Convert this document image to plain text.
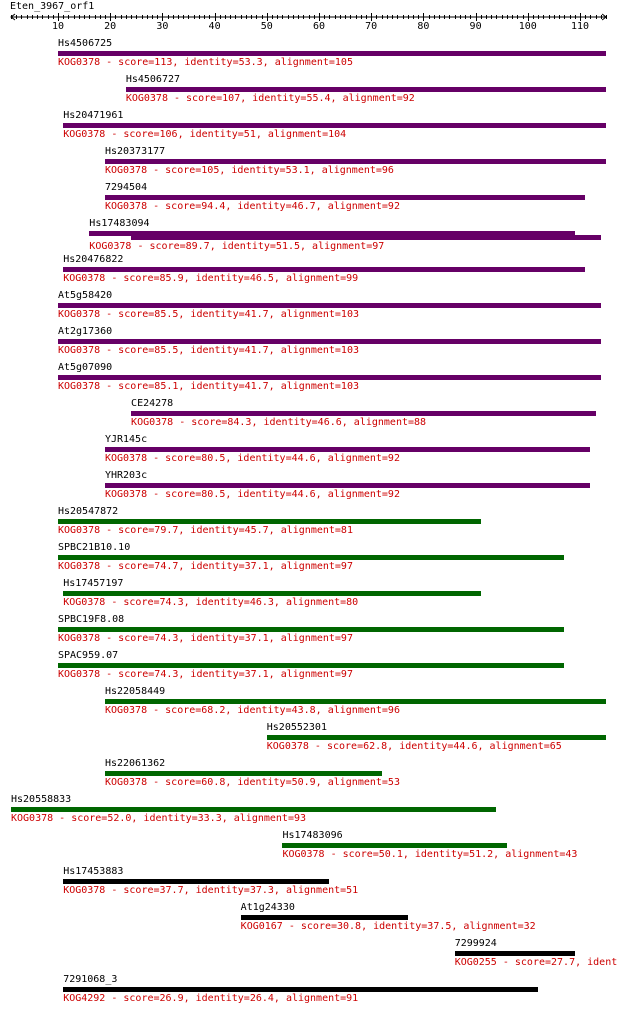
Eten_3967_orf1
10	20	30	40	50	60	70	80	90	100	110
Hs4506725
KOG0378 - score=113, identity=53.3, alignment=105
Hs4506727
KOG0378 - score=107, identity=55.4, alignment=92
Hs20471961
KOG0378 - score=106, identity=51, alignment=104
Hs20373177
KOG0378 - score=105, identity=53.1, alignment=96
7294504
KOG0378 - score=94.4, identity=46.7, alignment=92
Hs17483094
KOG0378 - score=89.7, identity=51.5, alignment=97
Hs20476822
KOG0378 - score=85.9, identity=46.5, alignment=99
At5g58420
KOG0378 - score=85.5, identity=41.7, alignment=103
At2g17360
KOG0378 - score=85.5, identity=41.7, alignment=103
At5g07090
KOG0378 - score=85.1, identity=41.7, alignment=103
CE24278
KOG0378 - score=84.3, identity=46.6, alignment=88
YJR145c
KOG0378 - score=80.5, identity=44.6, alignment=92
YHR203c
KOG0378 - score=80.5, identity=44.6, alignment=92
Hs20547872
KOG0378 - score=79.7, identity=45.7, alignment=81
SPBC21B10.10
KOG0378 - score=74.7, identity=37.1, alignment=97
Hs17457197
KOG0378 - score=74.3, identity=46.3, alignment=80
SPBC19F8.08
KOG0378 - score=74.3, identity=37.1, alignment=97
SPAC959.07
KOG0378 - score=74.3, identity=37.1, alignment=97
Hs22058449
KOG0378 - score=68.2, identity=43.8, alignment=96
Hs20552301
KOG0378 - score=62.8, identity=44.6, alignment=65
Hs22061362
KOG0378 - score=60.8, identity=50.9, alignment=53
Hs20558833
KOG0378 - score=52.0, identity=33.3, alignment=93
Hs17483096
KOG0378 - score=50.1, identity=51.2, alignment=43
Hs17453883
KOG0378 - score=37.7, identity=37.3, alignment=51
At1g24330
KOG0167 - score=30.8, identity=37.5, alignment=32
7299924
KOG0255 - score=27.7, ident
7291068_3
KOG4292 - score=26.9, identity=26.4, alignment=91
